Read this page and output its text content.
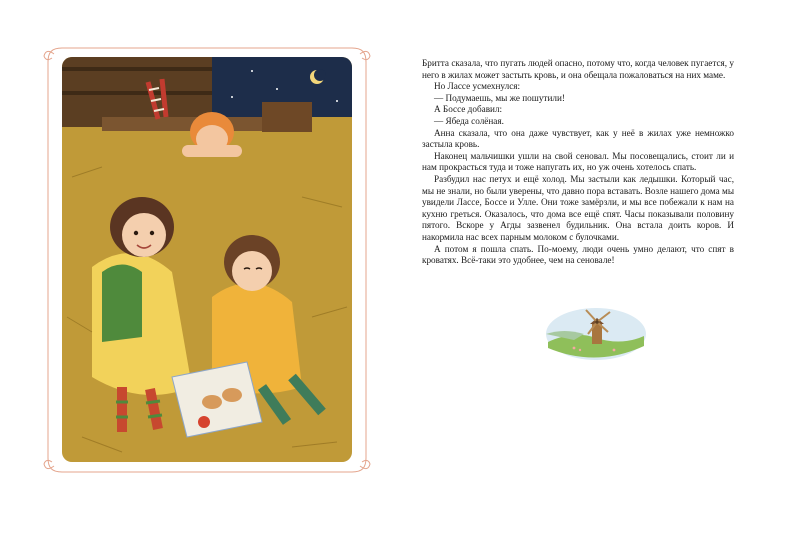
Бритта сказала, что пугать людей опасно, потому что, когда человек пугается, у него в жилах может застыть кровь, и она обещала пожаловаться на них маме.

Но Лассе усмехнулся:

— Подумаешь, мы же пошутили!

А Боссе добавил:

— Ябеда солёная.

Анна сказала, что она даже чувствует, как у неё в жилах уже немножко застыла кровь.

Наконец мальчишки ушли на свой сеновал. Мы посовещались, стоит ли и нам прокрасться туда и тоже напугать их, но уж очень хотелось спать.

Разбудил нас петух и ещё холод. Мы застыли как ледышки. Который час, мы не знали, но были уверены, что давно пора вставать. Возле нашего дома мы увидели Лассе, Боссе и Улле. Они тоже замёрзли, и мы все побежали к нам на кухню греться. Оказалось, что дома все ещё спят. Часы показывали половину пятого. Вскоре у Агды зазвенел будильник. Она встала доить коров. И накормила нас всех парным молоком с булочками.

А потом я пошла спать. По-моему, люди очень умно делают, что спят в кроватях. Всё-таки это удобнее, чем на сеновале!
